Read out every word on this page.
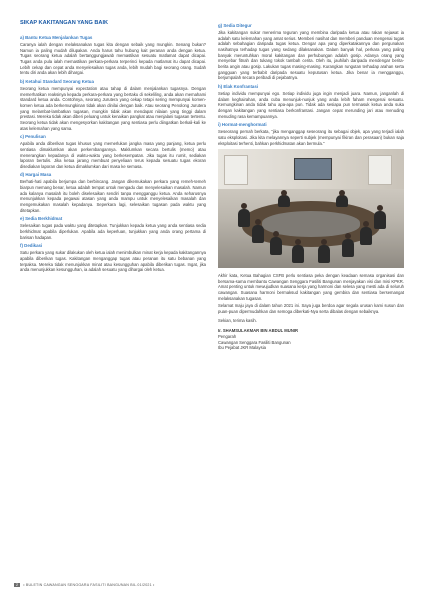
SIKAP KAKITANGAN YANG BAIK
a) Bantu Ketua Menjalankan Tugas
Caranya ialah dengan melaksanakan tugas kita dengan sebaik yang mungkin. Senang bukan? Namun ia paling mudah dilupakan. Anda harus tahu hubung kait peranan anda dengan ketua. Tugas seorang ketua adalah bertanggungjawab memastikan sesuatu matlamat dapat dicapai. Tugas anda pula ialah memastikan perkara-perkara terperinci kepada matlamat itu dapat dicapai. Lebih cekap dan cepat anda menyelesaikan tugas anda, lebih mudah bagi seorang orang. Sudah tentu diri anda akan lebih dihargai.
b) Ketahui Standard Seorang Ketua
Seorang ketua mempunyai expectation atau tahap di dalam menjalankan tugasnya. Dengan memerhatikan reaksinya kepada perkara-perkara yang bertaku di sekeliling, anda akan memahami standard ketua anda. Contohnya, seorang Jurutera yang cekap tetapi sering mempunyai komen-komen ketua ada berkemungkinan tidak akan dinilai dengan baik. Atau seorang Penolong Jurutera yang melambat-lambatkan tugasan, mungkin tidak akan mendapat nilaian yang tinggi dalam prestasi. Mereka tidak akan diberi peluang untuk kenaikan pangkat atau menjalani tugasan tertentu. Seorang ketua tidak akan mengesyorkan kakitangan yang sentiasa perlu diingatkan berkali-kali ke atas kelemahan yang sama.
c) Penulisan
Apabila anda diberikan tugas khusus yang memerlukan jangka masa yang panjang, ketua perlu sentiasa dimaklumkan akan perkembangannya. Maklumkan secara bertulis (memo) atau menerangkan kepadanya di waktu-waktu yang berkesempatan. Jika tugas itu rumit, sediakan laporan bertulis. Jika ketua jarang membuat penyeliaan terus kepada sesuatu tugas ekoran disediakan laporan dan ketua dimaklumkan dari masa ke semasa.
d) Hargai Masa
Berhati-hati apabila berjumpa dan berbincang. Jangan dikemukakan perkara yang remeh-temeh biarpun memang benar, ketua adalah tempat untuk mengadu dan menyelesaikan masalah. Namun ada kalanya masalah itu boleh diselesaikan sendiri tanpa mengganggu ketua. Anda seharusnya menunjukkan kepada pegawai atasan yang anda mampu untuk menyelesaikan masalah dan mengemukakan masalah kepadanya. Seperkara lagi, selesaikan tugasan pada waktu yang ditetapkan.
e) Sedia Berkhidmat
Selesaikan tugas pada waktu yang ditetapkan. Tunjukkan kepada ketua yang anda sentiasa sedia berkhidmat apabila diperlukan. Apabila ada keperluan, tunjukkan yang anda orang pertama di barisan hadapan.
f) Dedikasi
Satu perkara yang sukar dilakukan oleh ketua ialah menimbulkan minat kerja kepada kakitangannya apabila diberikan tugas. Kakitangan menganggap tugas atau peranan itu satu bebanan yang terpaksa. Mereka tidak menunjukkan minat atau kesungguhan apabila diberikan tugas. Ingat, jika anda menunjukkan kesungguhan, ia adalah sesuatu yang dihargai oleh ketua.
g) Sedia Ditegur
Jika kakitangan sukar menerima teguran yang membina daripada ketua atau rakan sejawat ia adalah satu kelemahan yang amat serius. Memberi nasihat dan memberi panduan mengenai tugas adalah sebahagian daripada tugas ketua. Dengar apa yang diperkatakannya dan pergunakan nasihatnya terhadap tugas yang sedang dilaksanakan. Dalam banyak hal, perkara yang paling banyak meruntuhkan moral kakitangan dan perhubungan adalah gosip. Adanya orang yang menyebar fitnah dan tukang tokok tambah cerita. Oleh itu, jauhilah daripada mendengar berita-berita angin atau gosip. Lakukan tugas masing-masing. Kurangkan rungutan terhadap arahan serta gangguan yang terbabit daripada sesuatu keputusan ketua. Jika benar ia mengganggu, berjumpalah secara peribadi di pejabatnya.
h) Elak Konfrantasi
Setiap individu mempunyai ego. Setiap individu juga ingin menjadi juara. Namun, janganlah di dalam keghairahan, anda cuba menunjuk-nunjuk yang anda lebih faham mengenai sesuatu. Kemungkinan anda tidak tahu apa-apa pun. Tidak ada sesiapa pun termasuk ketua anda suka dengan kakitangan yang sentiasa berkonfrantasi. Jangan cepat merunding jari atau menuding menuding rasa kemampuannya.
i) Hormat-menghormati
Seseorang pernah berkata, "jika menganggap seseorang itu sebagai objek, apa yang terjadi ialah satu eksploitasi. Jika kita melayannya seperti subjek (mempunyai fikiran dan perasaan) bukan saja eksploitasi terhenti, bahkan perkhidmatan akan bermula."
Akhir kata, Ketua Bahagian CSFB perlu sentiasa peka dengan keadaan semasa organisasi dan bersama-sama membantu Cawangan Senggara Fasiliti Bangunan menjayakan visi dan misi KPKR. Amat penting untuk mewujudkan suasana kerja yang harmoni dan selesa yang mesti ada di seluruh cawangan. Suasana harmoni bermaksud kakitangan yang gembira dan sentiasa bersemangat melaksanakan tugasan.
Selamat maju jaya di dalam tahun 2021 ini. Saya juga berdoa agar segala urusan kami susun dan puan-puan dipermudahkan dan semoga diberkati-Nya serta dibalas dengan sebaiknya.
Sekian, terima kasih.

Ir. SHAMSULAKMAR BIN ABDUL MUNIR

Pengarah

Cawangan Senggara Fasiliti Bangunan

Ibu Pejabat JKR Malaysia

2 • BULETIN CAWANGAN SENGGARA FASILITI BANGUNAN BIL.01/2021 •
